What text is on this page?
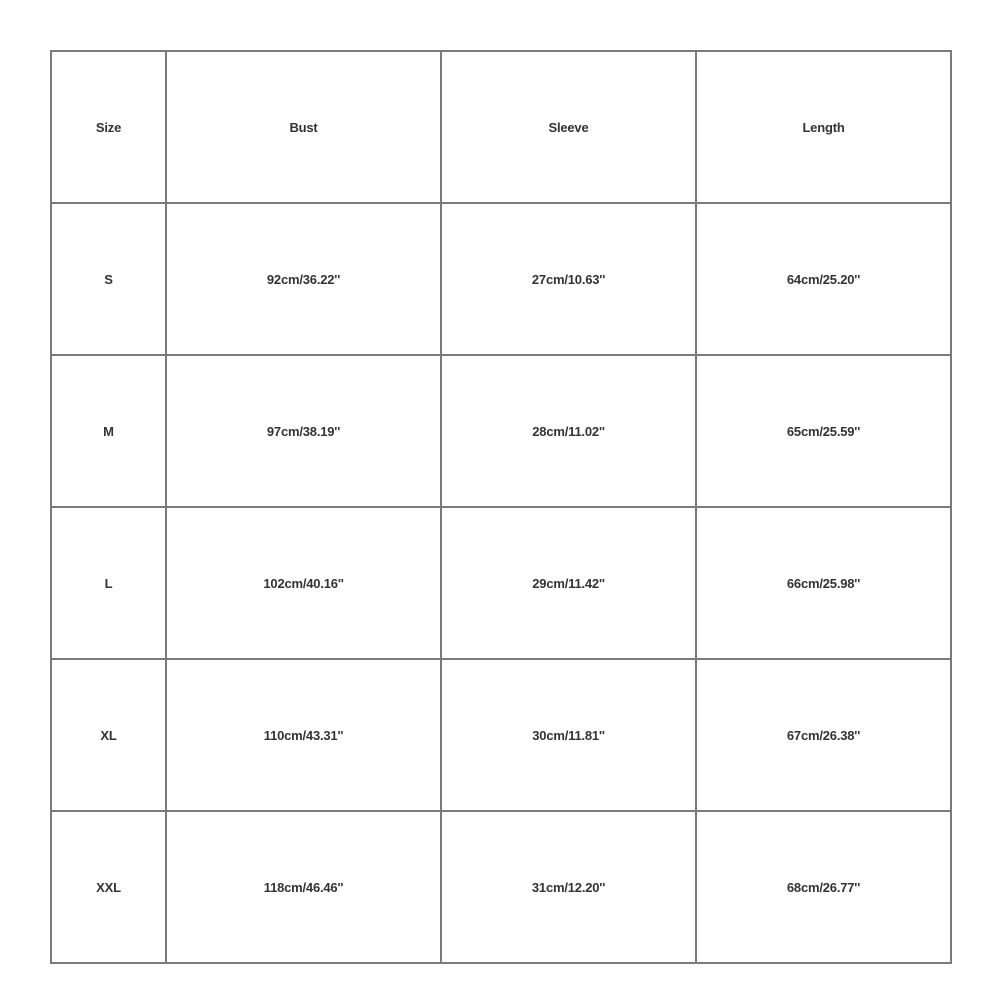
Size	Bust	Sleeve	Length
S	92cm/36.22''	27cm/10.63''	64cm/25.20''
M	97cm/38.19''	28cm/11.02''	65cm/25.59''
L	102cm/40.16''	29cm/11.42''	66cm/25.98''
XL	110cm/43.31''	30cm/11.81''	67cm/26.38''
XXL	118cm/46.46''	31cm/12.20''	68cm/26.77''
